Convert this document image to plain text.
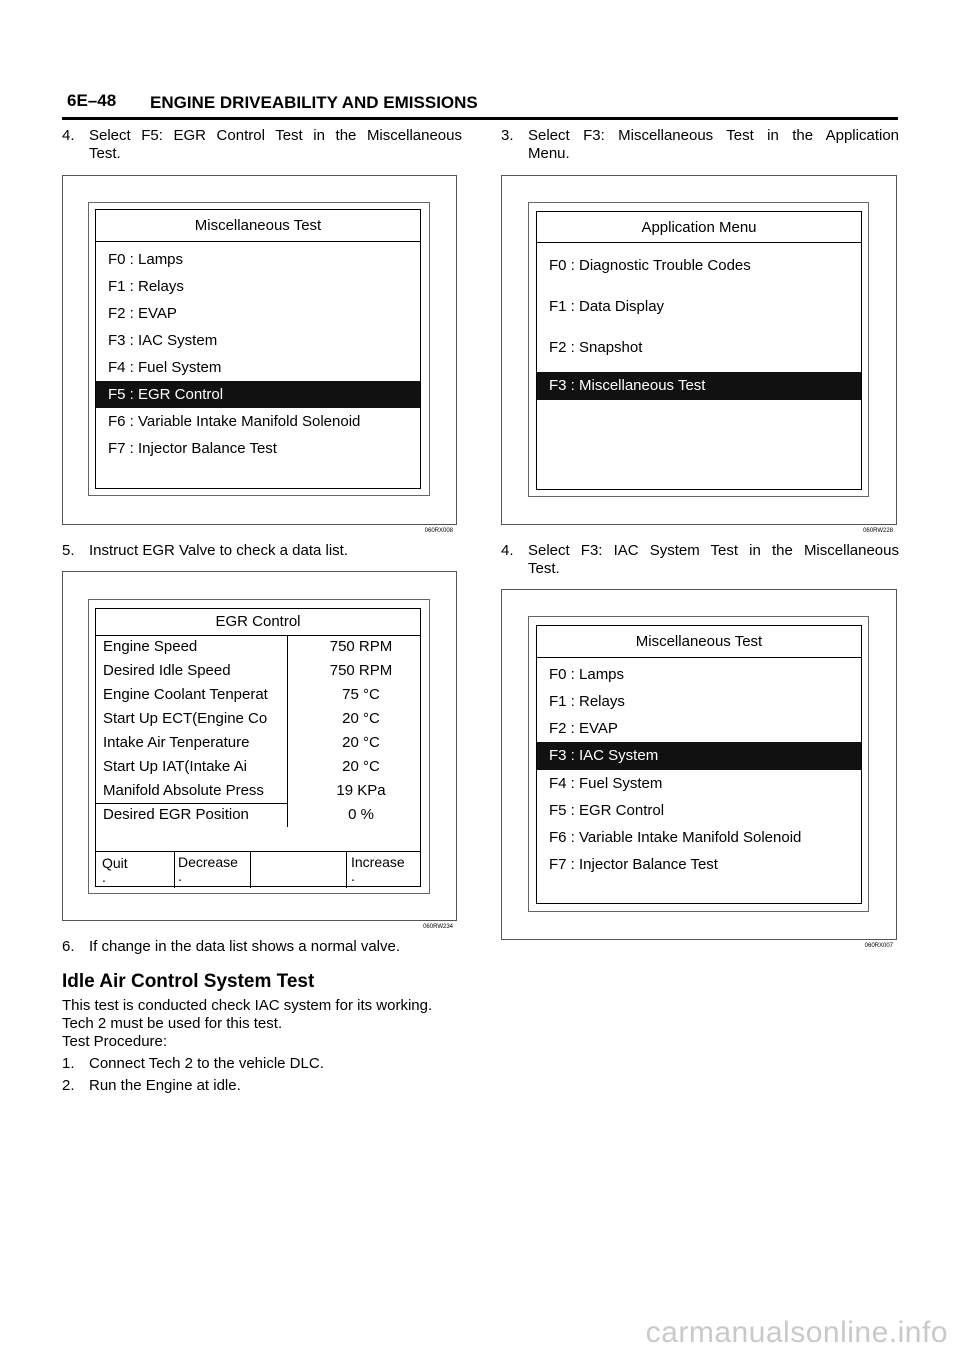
6E–48 ENGINE DRIVEABILITY AND EMISSIONS
4. Select F5: EGR Control Test in the Miscellaneous
Test.
Miscellaneous Test
F0 : Lamps
F1 : Relays
F2 : EVAP
F3 : IAC System
F4 : Fuel System
F5 : EGR Control
F6 : Variable Intake Manifold Solenoid
F7 : Injector Balance Test
060RX008
5. Instruct EGR Valve to check a data list.
EGR Control
Engine Speed	750 RPM
Desired Idle Speed	750 RPM
Engine Coolant Tenperat	75 °C
Start Up ECT(Engine Co	20 °C
Intake Air Tenperature	20 °C
Start Up IAT(Intake Ai	20 °C
Manifold Absolute Press	19 KPa
Desired EGR Position	0 %
Quit
.
Decrease
.
Increase
.
060RW234
6. If change in the data list shows a normal valve.
Idle Air Control System Test
This test is conducted check IAC system for its working.
Tech 2 must be used for this test.
Test Procedure:
1. Connect Tech 2 to the vehicle DLC.
2. Run the Engine at idle.
3. Select F3: Miscellaneous Test in the Application
Menu.
Application Menu
F0 : Diagnostic Trouble Codes
F1 : Data Display
F2 : Snapshot
F3 : Miscellaneous Test
060RW228
4. Select F3: IAC System Test in the Miscellaneous
Test.
Miscellaneous Test
F0 : Lamps
F1 : Relays
F2 : EVAP
F3 : IAC System
F4 : Fuel System
F5 : EGR Control
F6 : Variable Intake Manifold Solenoid
F7 : Injector Balance Test
060RX007
carmanualsonline.info
